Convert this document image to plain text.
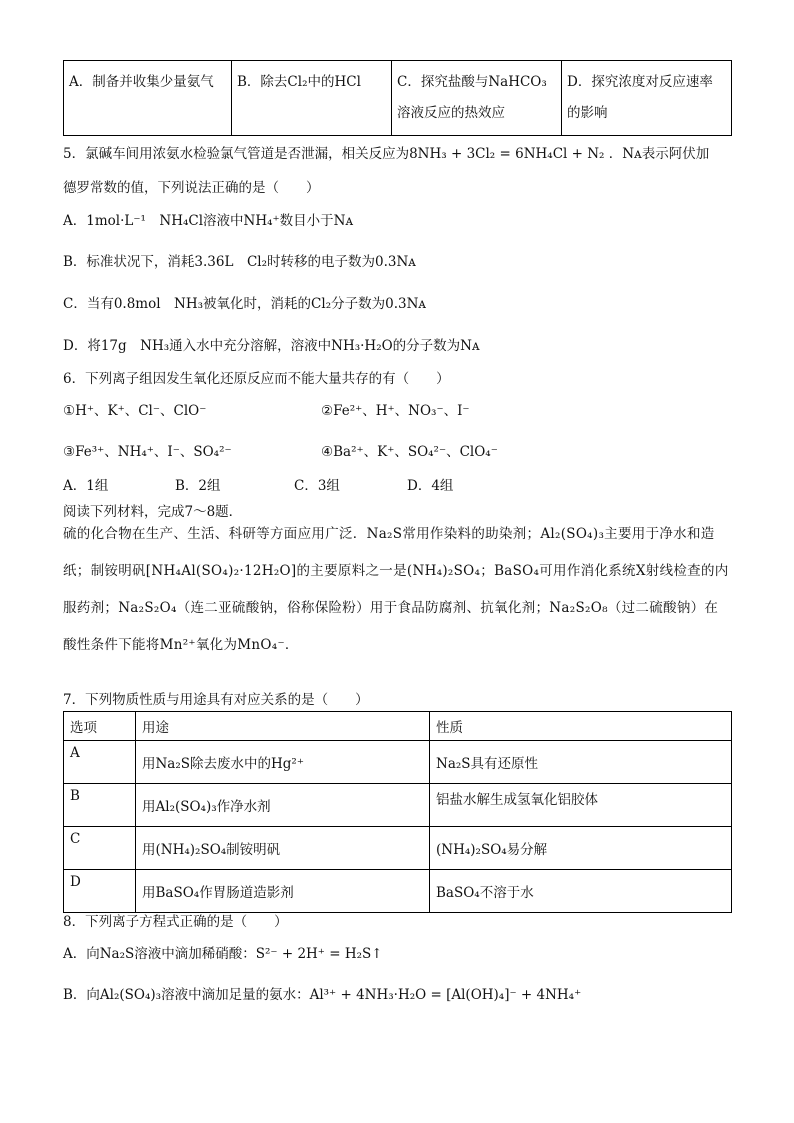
A．制备并收集少量氨气	B．除去Cl₂中的HCl	C．探究盐酸与NaHCO₃溶液反应的热效应	D．探究浓度对反应速率的影响
5．氯碱车间用浓氨水检验氯气管道是否泄漏，相关反应为8NH₃ + 3Cl₂ = 6NH₄Cl + N₂ ．Nᴀ表示阿伏加
德罗常数的值，下列说法正确的是（　　）
A．1mol·L⁻¹　NH₄Cl溶液中NH₄⁺数目小于Nᴀ
B．标准状况下，消耗3.36L　Cl₂时转移的电子数为0.3Nᴀ
C．当有0.8mol　NH₃被氧化时，消耗的Cl₂分子数为0.3Nᴀ
D．将17g　NH₃通入水中充分溶解，溶液中NH₃·H₂O的分子数为Nᴀ
6．下列离子组因发生氧化还原反应而不能大量共存的有（　　）
①H⁺、K⁺、Cl⁻、ClO⁻	②Fe²⁺、H⁺、NO₃⁻、I⁻
③Fe³⁺、NH₄⁺、I⁻、SO₄²⁻	④Ba²⁺、K⁺、SO₄²⁻、ClO₄⁻
A．1组	B．2组	C．3组	D．4组
阅读下列材料，完成7～8题．
硫的化合物在生产、生活、科研等方面应用广泛．Na₂S常用作染料的助染剂；Al₂(SO₄)₃主要用于净水和造纸；制铵明矾[NH₄Al(SO₄)₂·12H₂O]的主要原料之一是(NH₄)₂SO₄；BaSO₄可用作消化系统X射线检查的内服药剂；Na₂S₂O₄（连二亚硫酸钠，俗称保险粉）用于食品防腐剂、抗氧化剂；Na₂S₂O₈（过二硫酸钠）在酸性条件下能将Mn²⁺氧化为MnO₄⁻．
7．下列物质性质与用途具有对应关系的是（　　）
选项	用途	性质
A	用Na₂S除去废水中的Hg²⁺	Na₂S具有还原性
B	用Al₂(SO₄)₃作净水剂	铝盐水解生成氢氧化铝胶体
C	用(NH₄)₂SO₄制铵明矾	(NH₄)₂SO₄易分解
D	用BaSO₄作胃肠道造影剂	BaSO₄不溶于水
8．下列离子方程式正确的是（　　）
A．向Na₂S溶液中滴加稀硝酸：S²⁻ + 2H⁺ = H₂S↑
B．向Al₂(SO₄)₃溶液中滴加足量的氨水：Al³⁺ + 4NH₃·H₂O = [Al(OH)₄]⁻ + 4NH₄⁺
